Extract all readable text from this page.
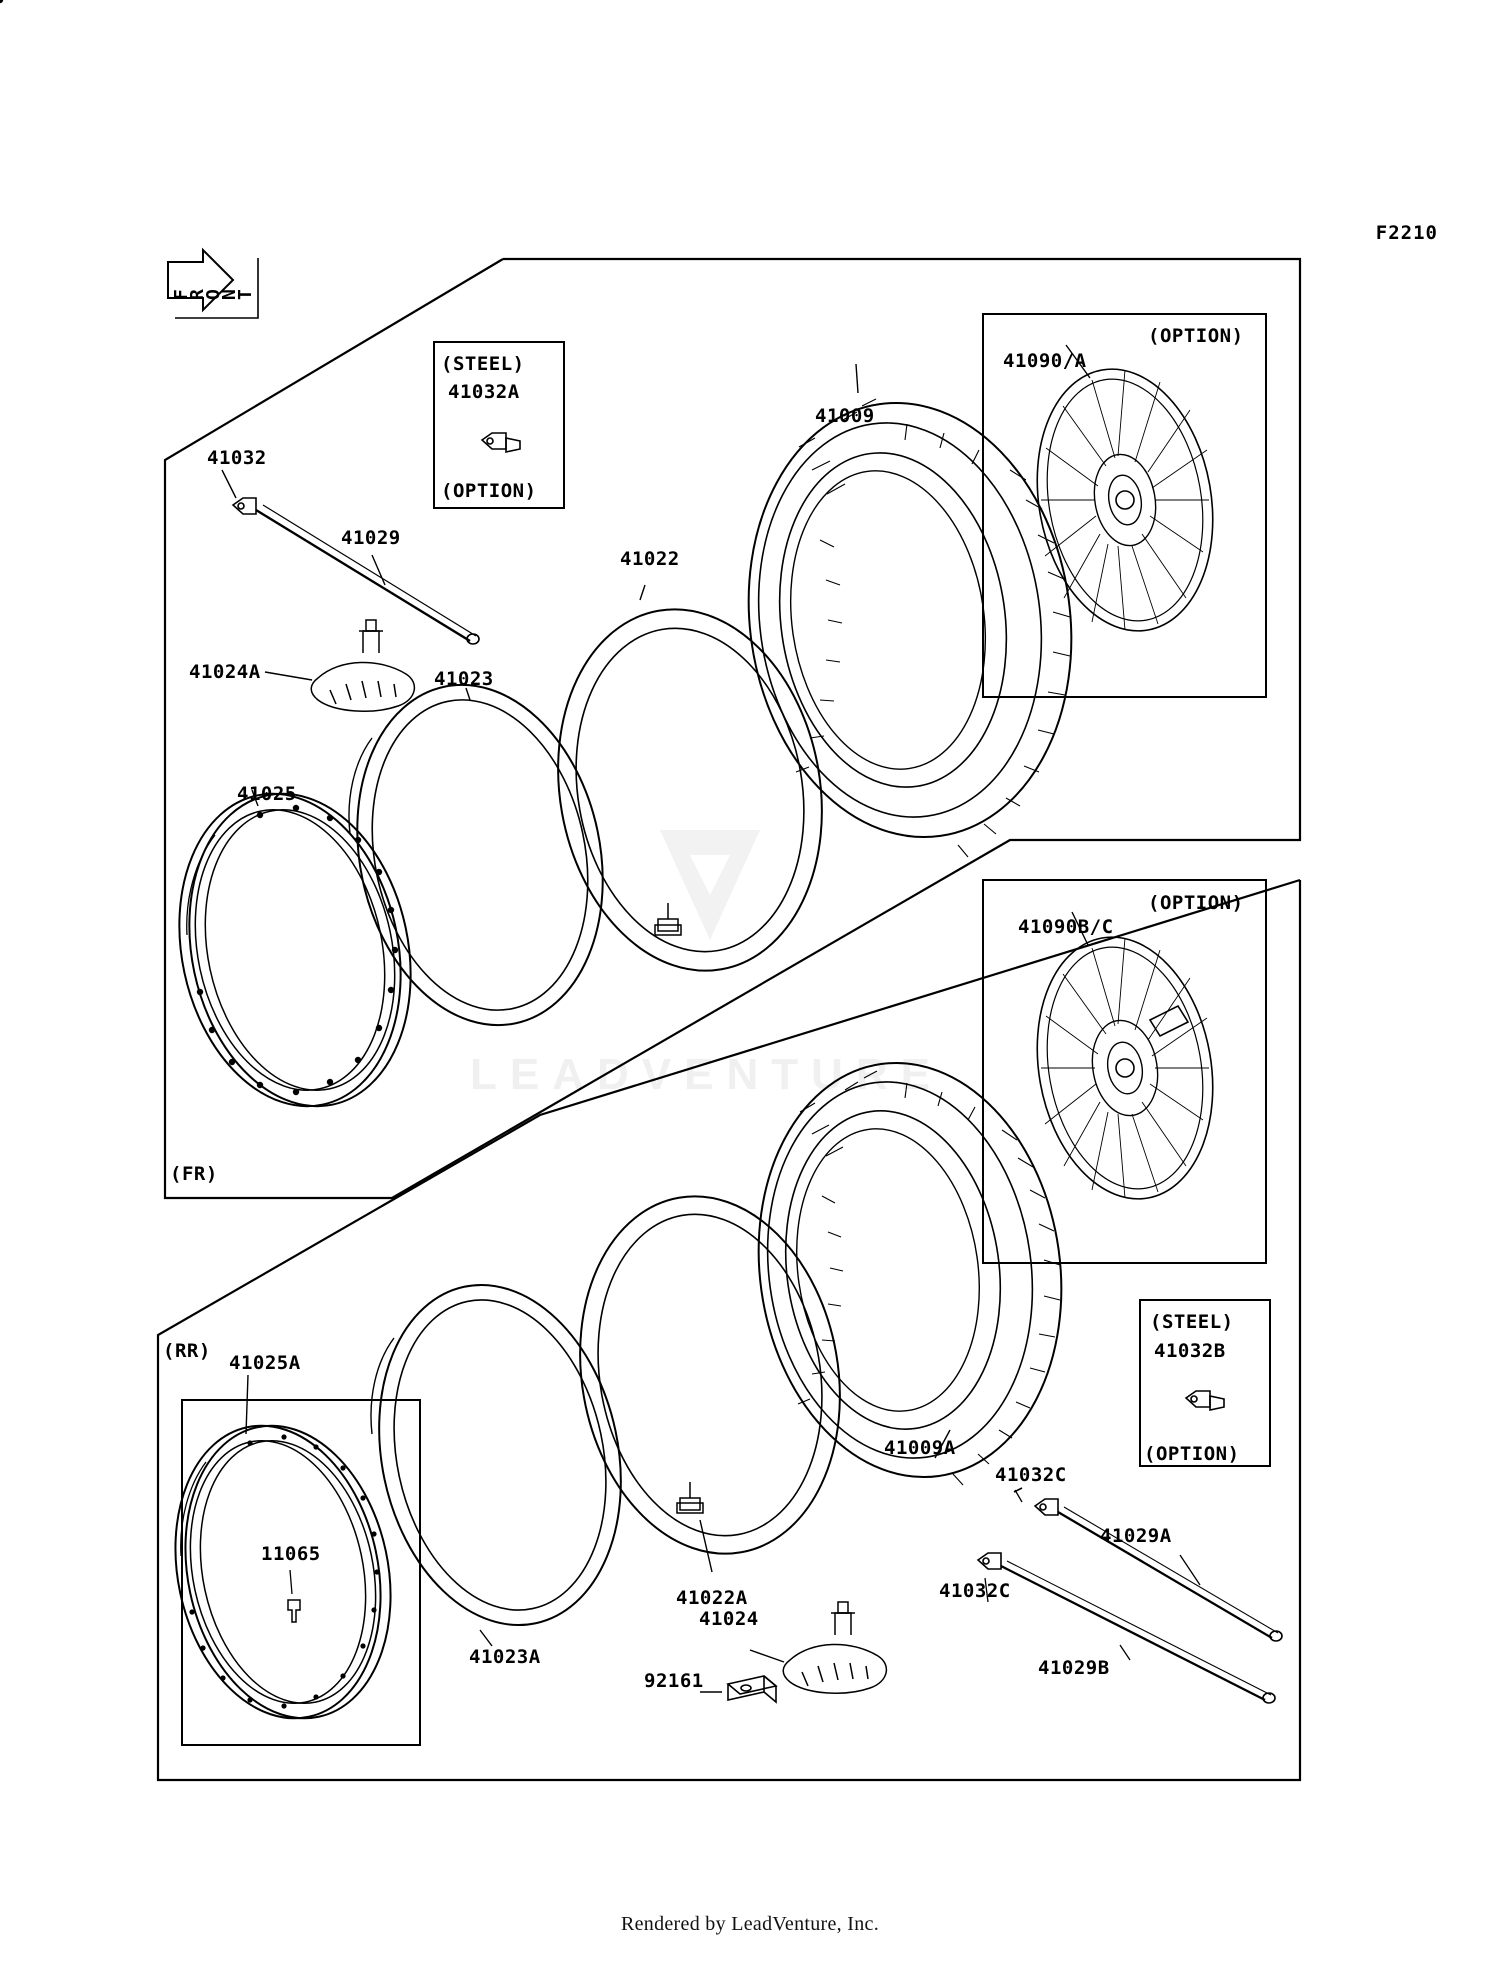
F2210
LEADVENTURE
F
R
O
N
T
41032
(STEEL)
41032A
(OPTION)
41029
41024A	41023
41022
41009
41025
41090/A
(OPTION)
(FR)
41090B/C
(OPTION)
(RR)
41025A
11065
41023A
41022A
41009A
41024
92161
41032C
41032C
41029A
41029B
(STEEL)
41032B
(OPTION)
Rendered by LeadVenture, Inc.
